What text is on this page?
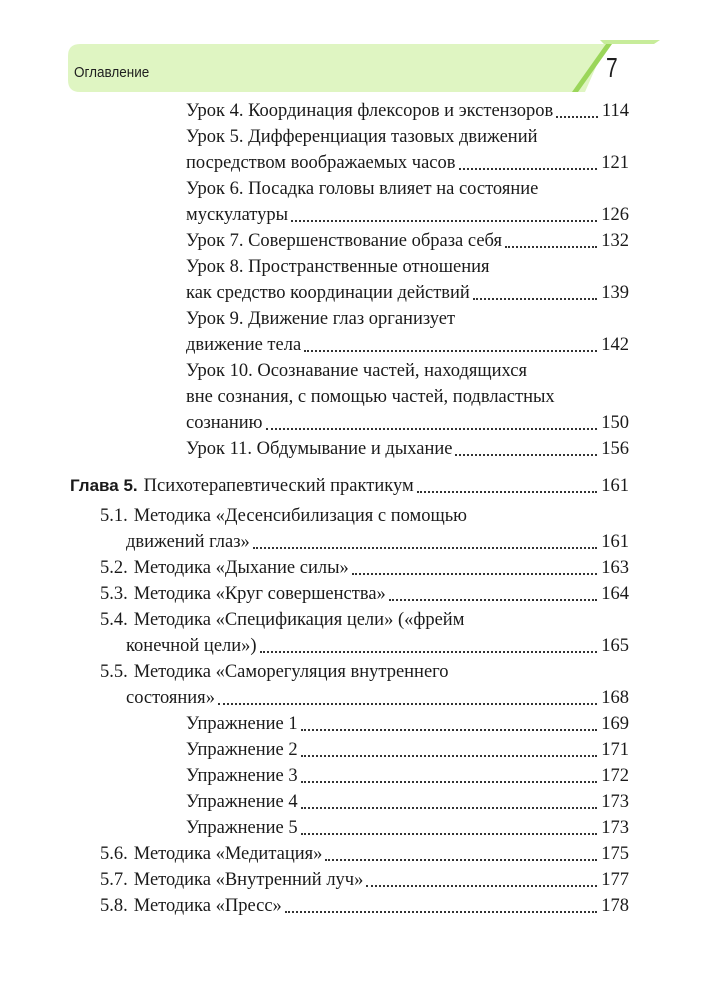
Оглавление	7
Урок 4. Координация флексоров и экстензоров	114
Урок 5. Дифференциация тазовых движений
посредством воображаемых часов	121
Урок 6. Посадка головы влияет на состояние
мускулатуры	126
Урок 7. Совершенствование образа себя	132
Урок 8. Пространственные отношения
как средство координации действий	139
Урок 9. Движение глаз организует
движение тела	142
Урок 10. Осознавание частей, находящихся
вне сознания, с помощью частей, подвластных
сознанию	150
Урок 11. Обдумывание и дыхание	156
Глава 5. Психотерапевтический практикум	161
5.1. Методика «Десенсибилизация с помощью
движений глаз»	161
5.2. Методика «Дыхание силы»	163
5.3. Методика «Круг совершенства»	164
5.4. Методика «Спецификация цели» («фрейм
конечной цели»)	165
5.5. Методика «Саморегуляция внутреннего
состояния»	168
Упражнение 1	169
Упражнение 2	171
Упражнение 3	172
Упражнение 4	173
Упражнение 5	173
5.6. Методика «Медитация»	175
5.7. Методика «Внутренний луч»	177
5.8. Методика «Пресс»	178
